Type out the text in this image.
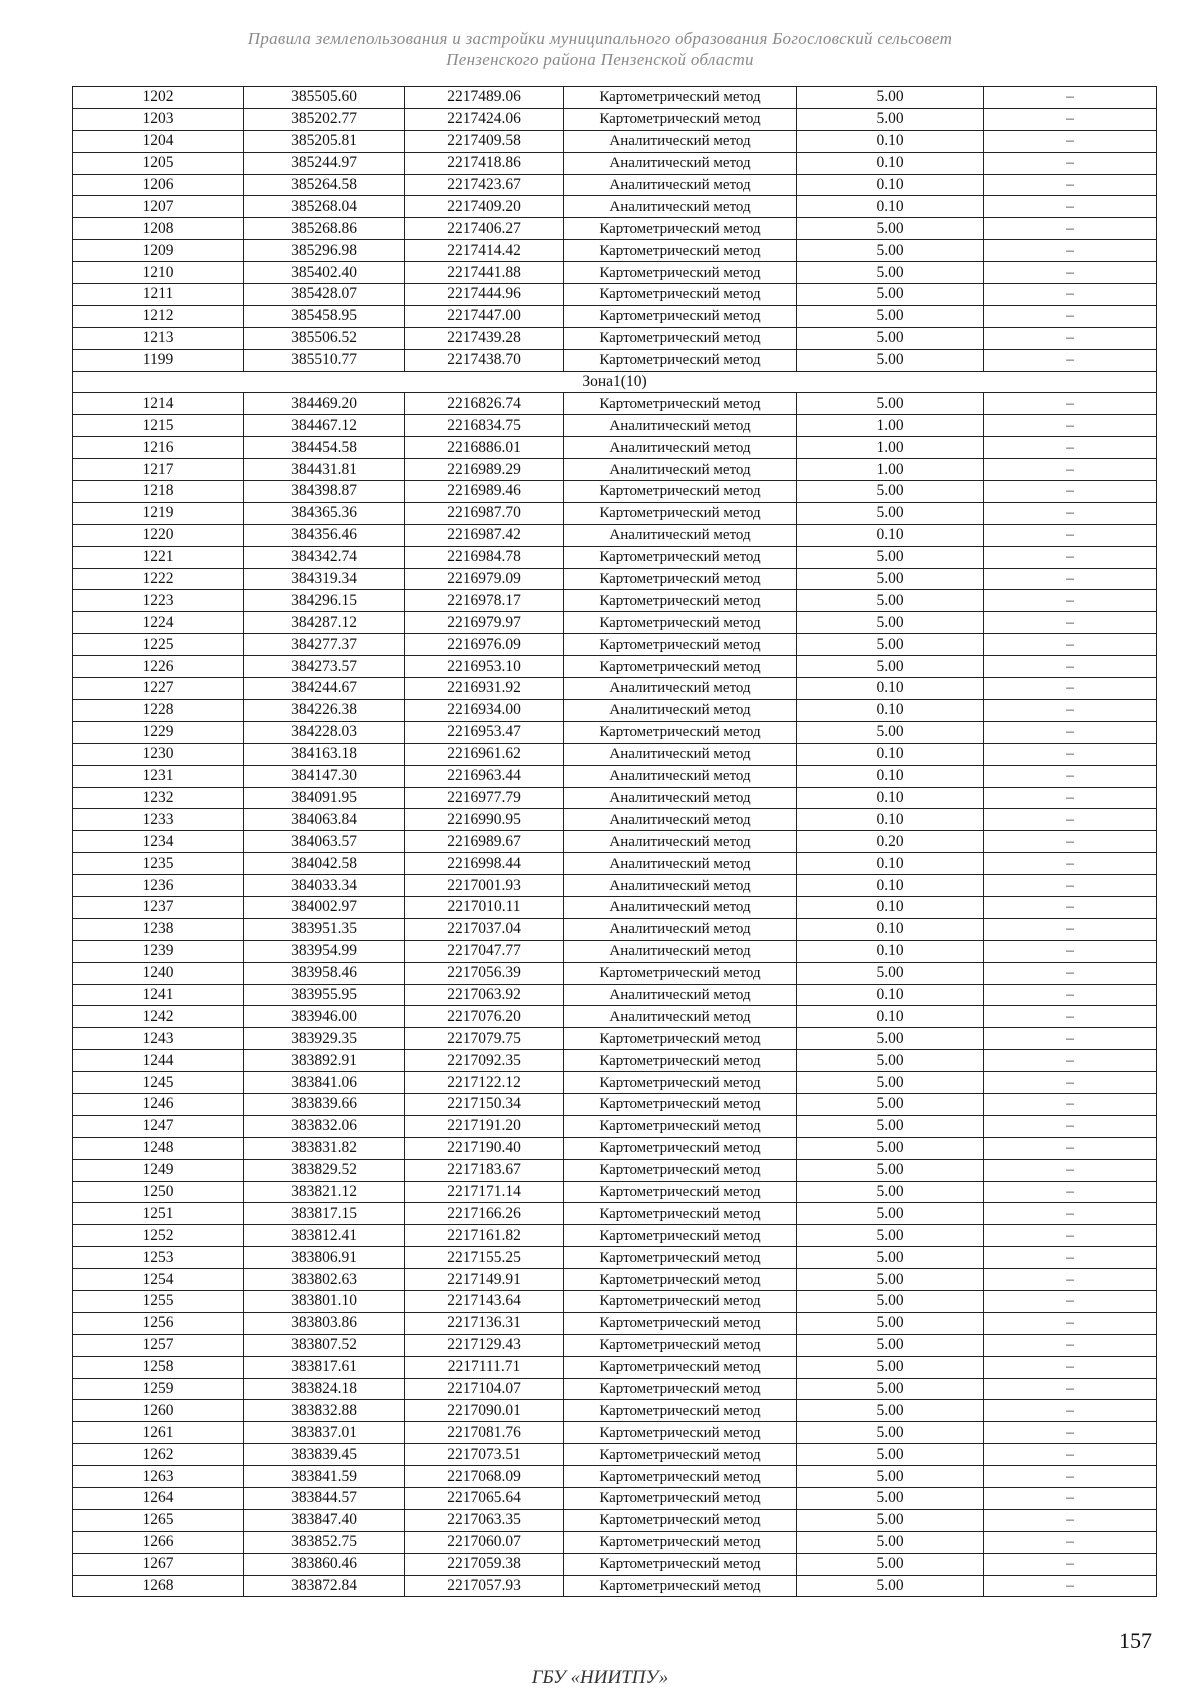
Правила землепользования и застройки муниципального образования Богословский сельсовет
Пензенского района Пензенской области
1202	385505.60	2217489.06	Картометрический метод	5.00	–
1203	385202.77	2217424.06	Картометрический метод	5.00	–
1204	385205.81	2217409.58	Аналитический метод	0.10	–
1205	385244.97	2217418.86	Аналитический метод	0.10	–
1206	385264.58	2217423.67	Аналитический метод	0.10	–
1207	385268.04	2217409.20	Аналитический метод	0.10	–
1208	385268.86	2217406.27	Картометрический метод	5.00	–
1209	385296.98	2217414.42	Картометрический метод	5.00	–
1210	385402.40	2217441.88	Картометрический метод	5.00	–
1211	385428.07	2217444.96	Картометрический метод	5.00	–
1212	385458.95	2217447.00	Картометрический метод	5.00	–
1213	385506.52	2217439.28	Картометрический метод	5.00	–
1199	385510.77	2217438.70	Картометрический метод	5.00	–
Зона1(10)					
1214	384469.20	2216826.74	Картометрический метод	5.00	–
1215	384467.12	2216834.75	Аналитический метод	1.00	–
1216	384454.58	2216886.01	Аналитический метод	1.00	–
1217	384431.81	2216989.29	Аналитический метод	1.00	–
1218	384398.87	2216989.46	Картометрический метод	5.00	–
1219	384365.36	2216987.70	Картометрический метод	5.00	–
1220	384356.46	2216987.42	Аналитический метод	0.10	–
1221	384342.74	2216984.78	Картометрический метод	5.00	–
1222	384319.34	2216979.09	Картометрический метод	5.00	–
1223	384296.15	2216978.17	Картометрический метод	5.00	–
1224	384287.12	2216979.97	Картометрический метод	5.00	–
1225	384277.37	2216976.09	Картометрический метод	5.00	–
1226	384273.57	2216953.10	Картометрический метод	5.00	–
1227	384244.67	2216931.92	Аналитический метод	0.10	–
1228	384226.38	2216934.00	Аналитический метод	0.10	–
1229	384228.03	2216953.47	Картометрический метод	5.00	–
1230	384163.18	2216961.62	Аналитический метод	0.10	–
1231	384147.30	2216963.44	Аналитический метод	0.10	–
1232	384091.95	2216977.79	Аналитический метод	0.10	–
1233	384063.84	2216990.95	Аналитический метод	0.10	–
1234	384063.57	2216989.67	Аналитический метод	0.20	–
1235	384042.58	2216998.44	Аналитический метод	0.10	–
1236	384033.34	2217001.93	Аналитический метод	0.10	–
1237	384002.97	2217010.11	Аналитический метод	0.10	–
1238	383951.35	2217037.04	Аналитический метод	0.10	–
1239	383954.99	2217047.77	Аналитический метод	0.10	–
1240	383958.46	2217056.39	Картометрический метод	5.00	–
1241	383955.95	2217063.92	Аналитический метод	0.10	–
1242	383946.00	2217076.20	Аналитический метод	0.10	–
1243	383929.35	2217079.75	Картометрический метод	5.00	–
1244	383892.91	2217092.35	Картометрический метод	5.00	–
1245	383841.06	2217122.12	Картометрический метод	5.00	–
1246	383839.66	2217150.34	Картометрический метод	5.00	–
1247	383832.06	2217191.20	Картометрический метод	5.00	–
1248	383831.82	2217190.40	Картометрический метод	5.00	–
1249	383829.52	2217183.67	Картометрический метод	5.00	–
1250	383821.12	2217171.14	Картометрический метод	5.00	–
1251	383817.15	2217166.26	Картометрический метод	5.00	–
1252	383812.41	2217161.82	Картометрический метод	5.00	–
1253	383806.91	2217155.25	Картометрический метод	5.00	–
1254	383802.63	2217149.91	Картометрический метод	5.00	–
1255	383801.10	2217143.64	Картометрический метод	5.00	–
1256	383803.86	2217136.31	Картометрический метод	5.00	–
1257	383807.52	2217129.43	Картометрический метод	5.00	–
1258	383817.61	2217111.71	Картометрический метод	5.00	–
1259	383824.18	2217104.07	Картометрический метод	5.00	–
1260	383832.88	2217090.01	Картометрический метод	5.00	–
1261	383837.01	2217081.76	Картометрический метод	5.00	–
1262	383839.45	2217073.51	Картометрический метод	5.00	–
1263	383841.59	2217068.09	Картометрический метод	5.00	–
1264	383844.57	2217065.64	Картометрический метод	5.00	–
1265	383847.40	2217063.35	Картометрический метод	5.00	–
1266	383852.75	2217060.07	Картометрический метод	5.00	–
1267	383860.46	2217059.38	Картометрический метод	5.00	–
1268	383872.84	2217057.93	Картометрический метод	5.00	–
157
ГБУ «НИИТПУ»
